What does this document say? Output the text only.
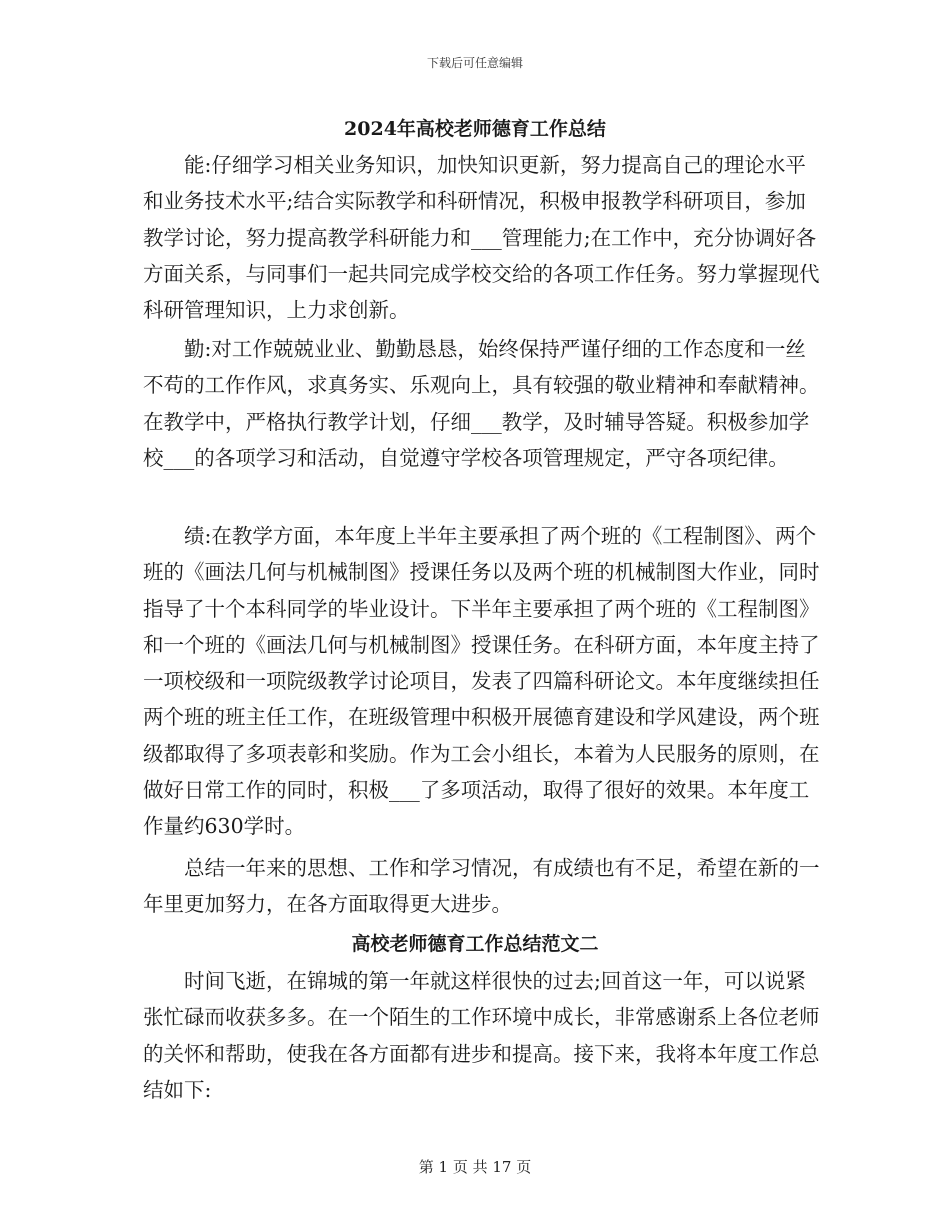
下载后可任意编辑
2024年高校老师德育工作总结

能:仔细学习相关业务知识，加快知识更新，努力提高自己的理论水平和业务技术水平;结合实际教学和科研情况，积极申报教学科研项目，参加教学讨论，努力提高教学科研能力和___管理能力;在工作中，充分协调好各方面关系，与同事们一起共同完成学校交给的各项工作任务。努力掌握现代科研管理知识，上力求创新。

勤:对工作兢兢业业、勤勤恳恳，始终保持严谨仔细的工作态度和一丝不苟的工作作风，求真务实、乐观向上，具有较强的敬业精神和奉献精神。在教学中，严格执行教学计划，仔细___教学，及时辅导答疑。积极参加学校___的各项学习和活动，自觉遵守学校各项管理规定，严守各项纪律。

绩:在教学方面，本年度上半年主要承担了两个班的《工程制图》、两个班的《画法几何与机械制图》授课任务以及两个班的机械制图大作业，同时指导了十个本科同学的毕业设计。下半年主要承担了两个班的《工程制图》和一个班的《画法几何与机械制图》授课任务。在科研方面，本年度主持了一项校级和一项院级教学讨论项目，发表了四篇科研论文。本年度继续担任两个班的班主任工作，在班级管理中积极开展德育建设和学风建设，两个班级都取得了多项表彰和奖励。作为工会小组长，本着为人民服务的原则，在做好日常工作的同时，积极___了多项活动，取得了很好的效果。本年度工作量约630学时。

总结一年来的思想、工作和学习情况，有成绩也有不足，希望在新的一年里更加努力，在各方面取得更大进步。

高校老师德育工作总结范文二

时间飞逝，在锦城的第一年就这样很快的过去;回首这一年，可以说紧张忙碌而收获多多。在一个陌生的工作环境中成长，非常感谢系上各位老师的关怀和帮助，使我在各方面都有进步和提高。接下来，我将本年度工作总结如下:

第 1 页 共 17 页
